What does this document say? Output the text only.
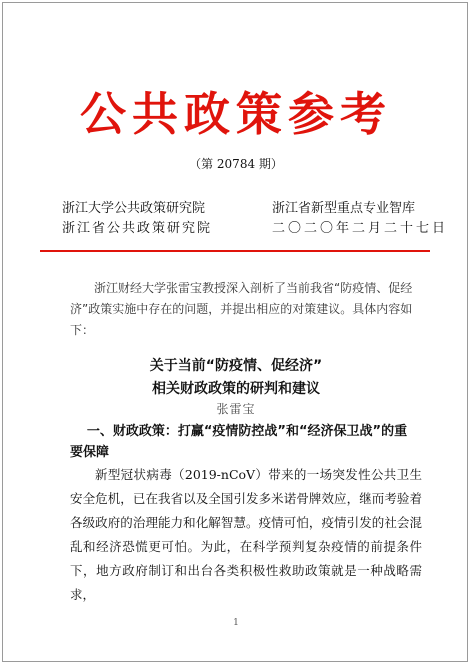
公共政策参考
（第 20784 期）
浙江大学公共政策研究院
浙江省公共政策研究院
浙江省新型重点专业智库
二〇二〇年二月二十七日
浙江财经大学张雷宝教授深入剖析了当前我省“防疫情、促经济”政策实施中存在的问题，并提出相应的对策建议。具体内容如下：
关于当前“防疫情、促经济”
相关财政政策的研判和建议
张雷宝
一、财政政策：打赢“疫情防控战”和“经济保卫战”的重要保障
新型冠状病毒（2019-nCoV）带来的一场突发性公共卫生安全危机，已在我省以及全国引发多米诺骨牌效应，继而考验着各级政府的治理能力和化解智慧。疫情可怕，疫情引发的社会混乱和经济恐慌更可怕。为此，在科学预判复杂疫情的前提条件下，地方政府制订和出台各类积极性救助政策就是一种战略需求，
1
